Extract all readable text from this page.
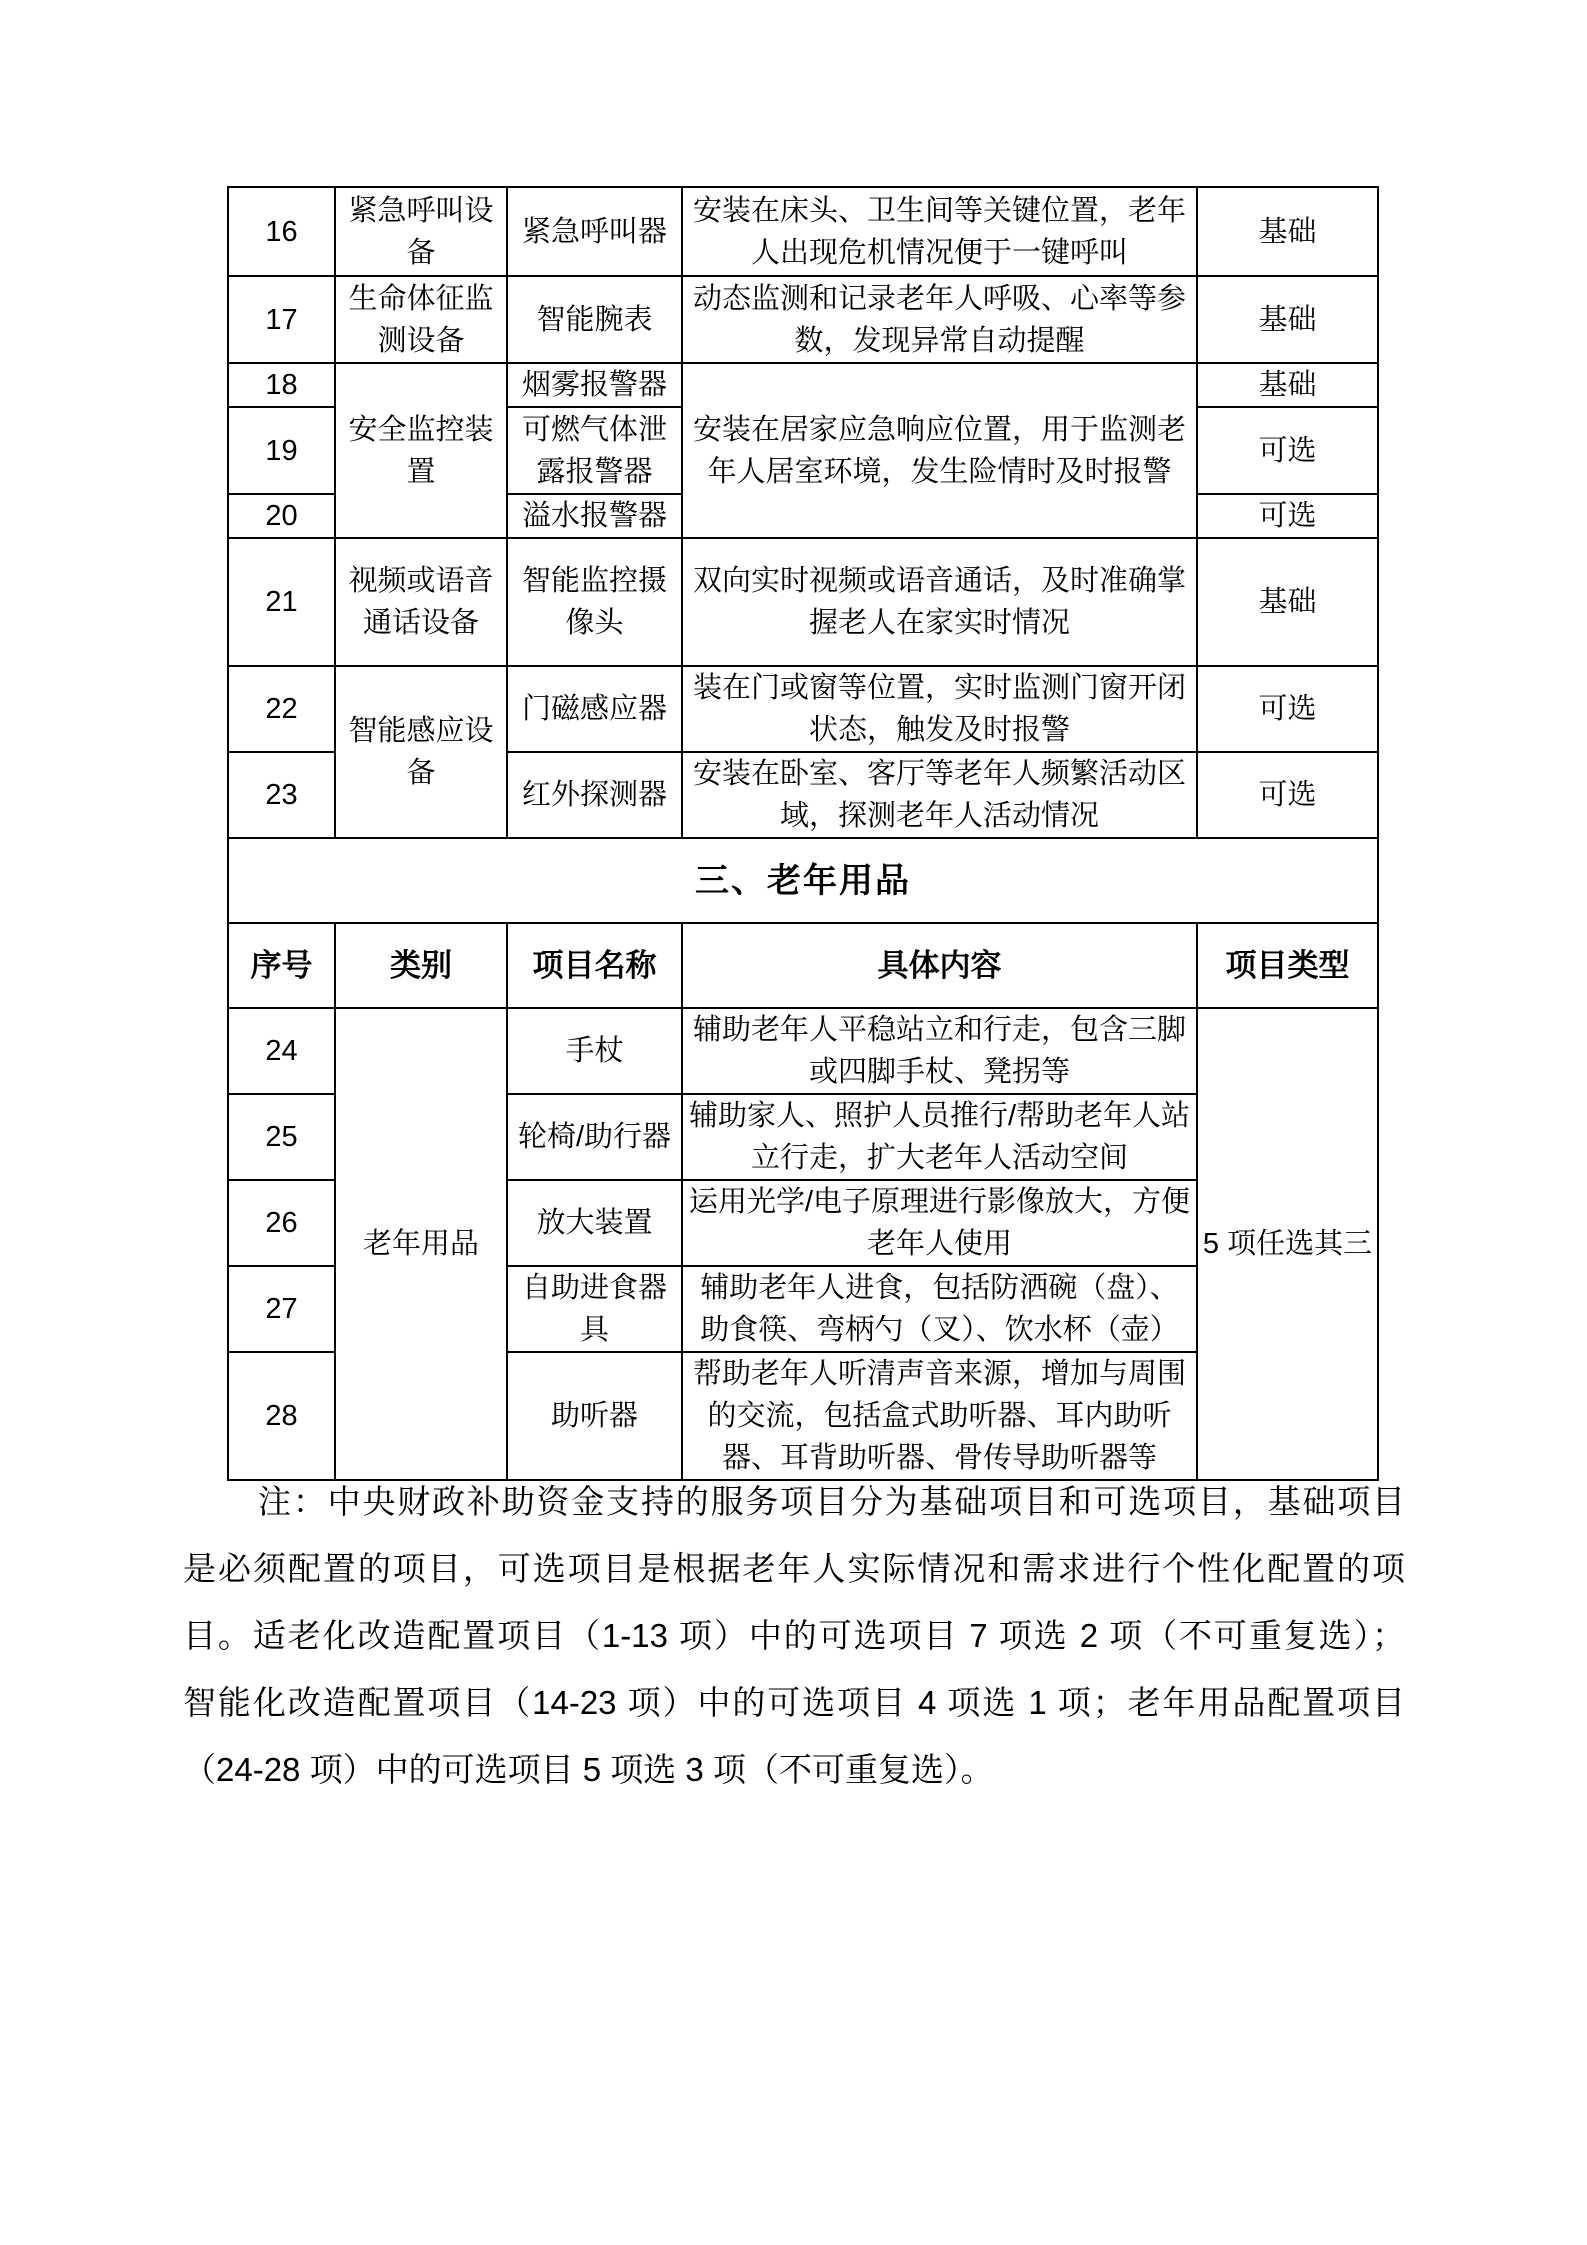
16	紧急呼叫设备	紧急呼叫器	安装在床头、卫生间等关键位置，老年人出现危机情况便于一键呼叫	基础
17	生命体征监测设备	智能腕表	动态监测和记录老年人呼吸、心率等参数，发现异常自动提醒	基础
18	安全监控装置	烟雾报警器	安装在居家应急响应位置，用于监测老年人居室环境，发生险情时及时报警	基础
19		可燃气体泄露报警器		可选
20		溢水报警器		可选
21	视频或语音通话设备	智能监控摄像头	双向实时视频或语音通话，及时准确掌握老人在家实时情况	基础
22	智能感应设备	门磁感应器	装在门或窗等位置，实时监测门窗开闭状态，触发及时报警	可选
23		红外探测器	安装在卧室、客厅等老年人频繁活动区域，探测老年人活动情况	可选
三、老年用品				
序号	类别	项目名称	具体内容	项目类型
24	老年用品	手杖	辅助老年人平稳站立和行走，包含三脚或四脚手杖、凳拐等	5 项任选其三
25		轮椅/助行器	辅助家人、照护人员推行/帮助老年人站立行走，扩大老年人活动空间	
26		放大装置	运用光学/电子原理进行影像放大，方便老年人使用	
27		自助进食器具	辅助老年人进食，包括防洒碗（盘）、助食筷、弯柄勺（叉）、饮水杯（壶）	
28		助听器	帮助老年人听清声音来源，增加与周围的交流，包括盒式助听器、耳内助听器、耳背助听器、骨传导助听器等	
注：中央财政补助资金支持的服务项目分为基础项目和可选项目，基础项目
是必须配置的项目，可选项目是根据老年人实际情况和需求进行个性化配置的项
目。适老化改造配置项目（1-13 项）中的可选项目 7 项选 2 项（不可重复选）；
智能化改造配置项目（14-23 项）中的可选项目 4 项选 1 项；老年用品配置项目
（24-28 项）中的可选项目 5 项选 3 项（不可重复选）。
